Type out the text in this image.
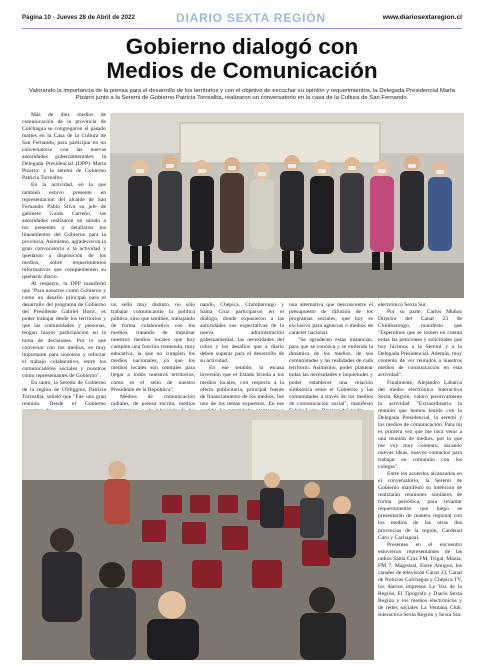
Página 10 - Jueves 28 de Abril de 2022	DIARIO SEXTA REGIÓN	www.diariosextaregion.cl
Gobierno dialogó con
Medios de Comunicación
Valorando la importancia de la prensa para el desarrollo de los territorios y con el objetivo de escuchar su opinión y requerimientos, la Delegada Presidencial Marta Pizarro junto a la Seremi de Gobierno Patricia Torrealba, realizaron un conversatorio en la casa de la Cultura de San Fernando.

Más de diez medios de comunicación de la provincia de Colchagua se congregaron el pasado martes en la Casa de la Cultura de San Fernando, para participar en un conversatorio con las nuevas autoridades gubernamentales: la Delegada Presidencial (DPP) Marta Pizarro; y la seremi de Gobierno Patricia Torrealba.

En la actividad, en la que también estuvo presente en representación del alcalde de San Fernando Pablo Silva su jefe de gabinete Guido Carreño, las autoridades realizaron un saludo a los presentes y detallaron los lineamientos del Gobierno para la provincia. Asimismo, agradecieron la gran convocatoria a la actividad y quedaron a disposición de los medios, sobre requerimientos informativos que complementen su quehacer diario.

Al respecto, la DPP manifestó que "Para nosotros como Gobierno y como un desafío principal para el desarrollo del programa de Gobierno del Presidente Gabriel Boric, es poder trabajar desde los territorios y que las comunidades y personas, tengan mayor participación en la toma de decisiones. Por lo que conversar con los medios, es muy importante para nosotros y reforzar el trabajo colaborativo, entre los comunicadores sociales y nosotros como representantes de Gobierno".

En tanto, la Seremi de Gobierno de la región de O'Higgins, Patricia Torrealba, señaló que "Fue una gran reunión. Desde el Gobierno

un sello muy distinto, no sólo trabajar comunicando la política pública, sino que también, trabajando de forma colaborativa con los medios, tratando de impulsar nuestros medios locales que hoy cumplen una función tremenda, muy educativa, la que no cumplen los medios nacionales, ya que los medios locales son centrales para llegar a todos nuestros territorios, como es el sello de nuestro Presidente de la República".

Medios de comunicación radiales, de prensa escrita, medios

nando, Chépica, Chimbarongo y Santa Cruz participaron en el diálogo, donde expusieron a las autoridades sus expectativas de la nueva administración gubernamental, las necesidades del rubro y los desafíos que a diario deben superar para el desarrollo de su actividad.

En ese sentido, la escasa inversión que el Estado brinda a los medios locales, con respecto a la oferta publicitaria, principal fuente de financiamiento de los medios, fue uno de los temas expuestos. En ese

una alternativa que desconcentre el presupuesto de difusión de los programas sociales, que hoy es exclusivo para agencias o medios de carácter nacional.

"Se agradecen estas instancias, para que se conozca y se entienda la dinámica de los medios, de sus comunidades y las realidades de cada territorio. Asimismo, poder plantear todas las necesidades e inquietudes y poder establecer una relación simbiótica entre el Gobierno y las comunidades a través de los medios de comunicación social", manifestó

electrónico Sexta Sur.

Por su parte, Carlos Muñoz Director del Canal 23 de Chimbarongo, manifestó que "Esperemos que se tomen en cuenta todas las peticiones y solicitudes que hoy hicimos a la Seremi y a la Delegada Presidencial. Además, muy contento de ver reunidos a nuestros medios de comunicación en esta actividad".

Finalmente, Alejandro Labarca del medio electrónico Interactiva Sexta Región, valoró positivamente la actividad "Extraordinaria la reunión que hemos tenido con la Delegada Presidencial, la seremi y los medios de comunicación. Para mí es primera vez que me toca venir a una reunión de medios, por lo que me voy muy contento, sacando nuevas ideas, nuevos contactos para trabajar en comunión con los colegas".

Entre los acuerdos alcanzados en el conversatorio, la Seremi de Gobierno manifestó su intención de realizarán reuniones similares de forma periódica, para levantar requerimientos que luego se presentarán de manera regional con los medios de las otras dos provincias de la región, Cardenal Caro y Cachapoal.

Presentes en el encuentro estuvieron representantes de las radios Santa Cruz FM, Trigal, Manía, FM 7, Magistral, Entre Amigos, los canales de televisión Canal 23, Canal de Noticias Colchagua y Chépica TV, los diarios impresos La Voz de la Región, El Tipógrafo y Diario Sexta Región y los medios electrónicos y de redes sociales La Ventana Club, Interactiva Sexta Región y Sexta Sur.
